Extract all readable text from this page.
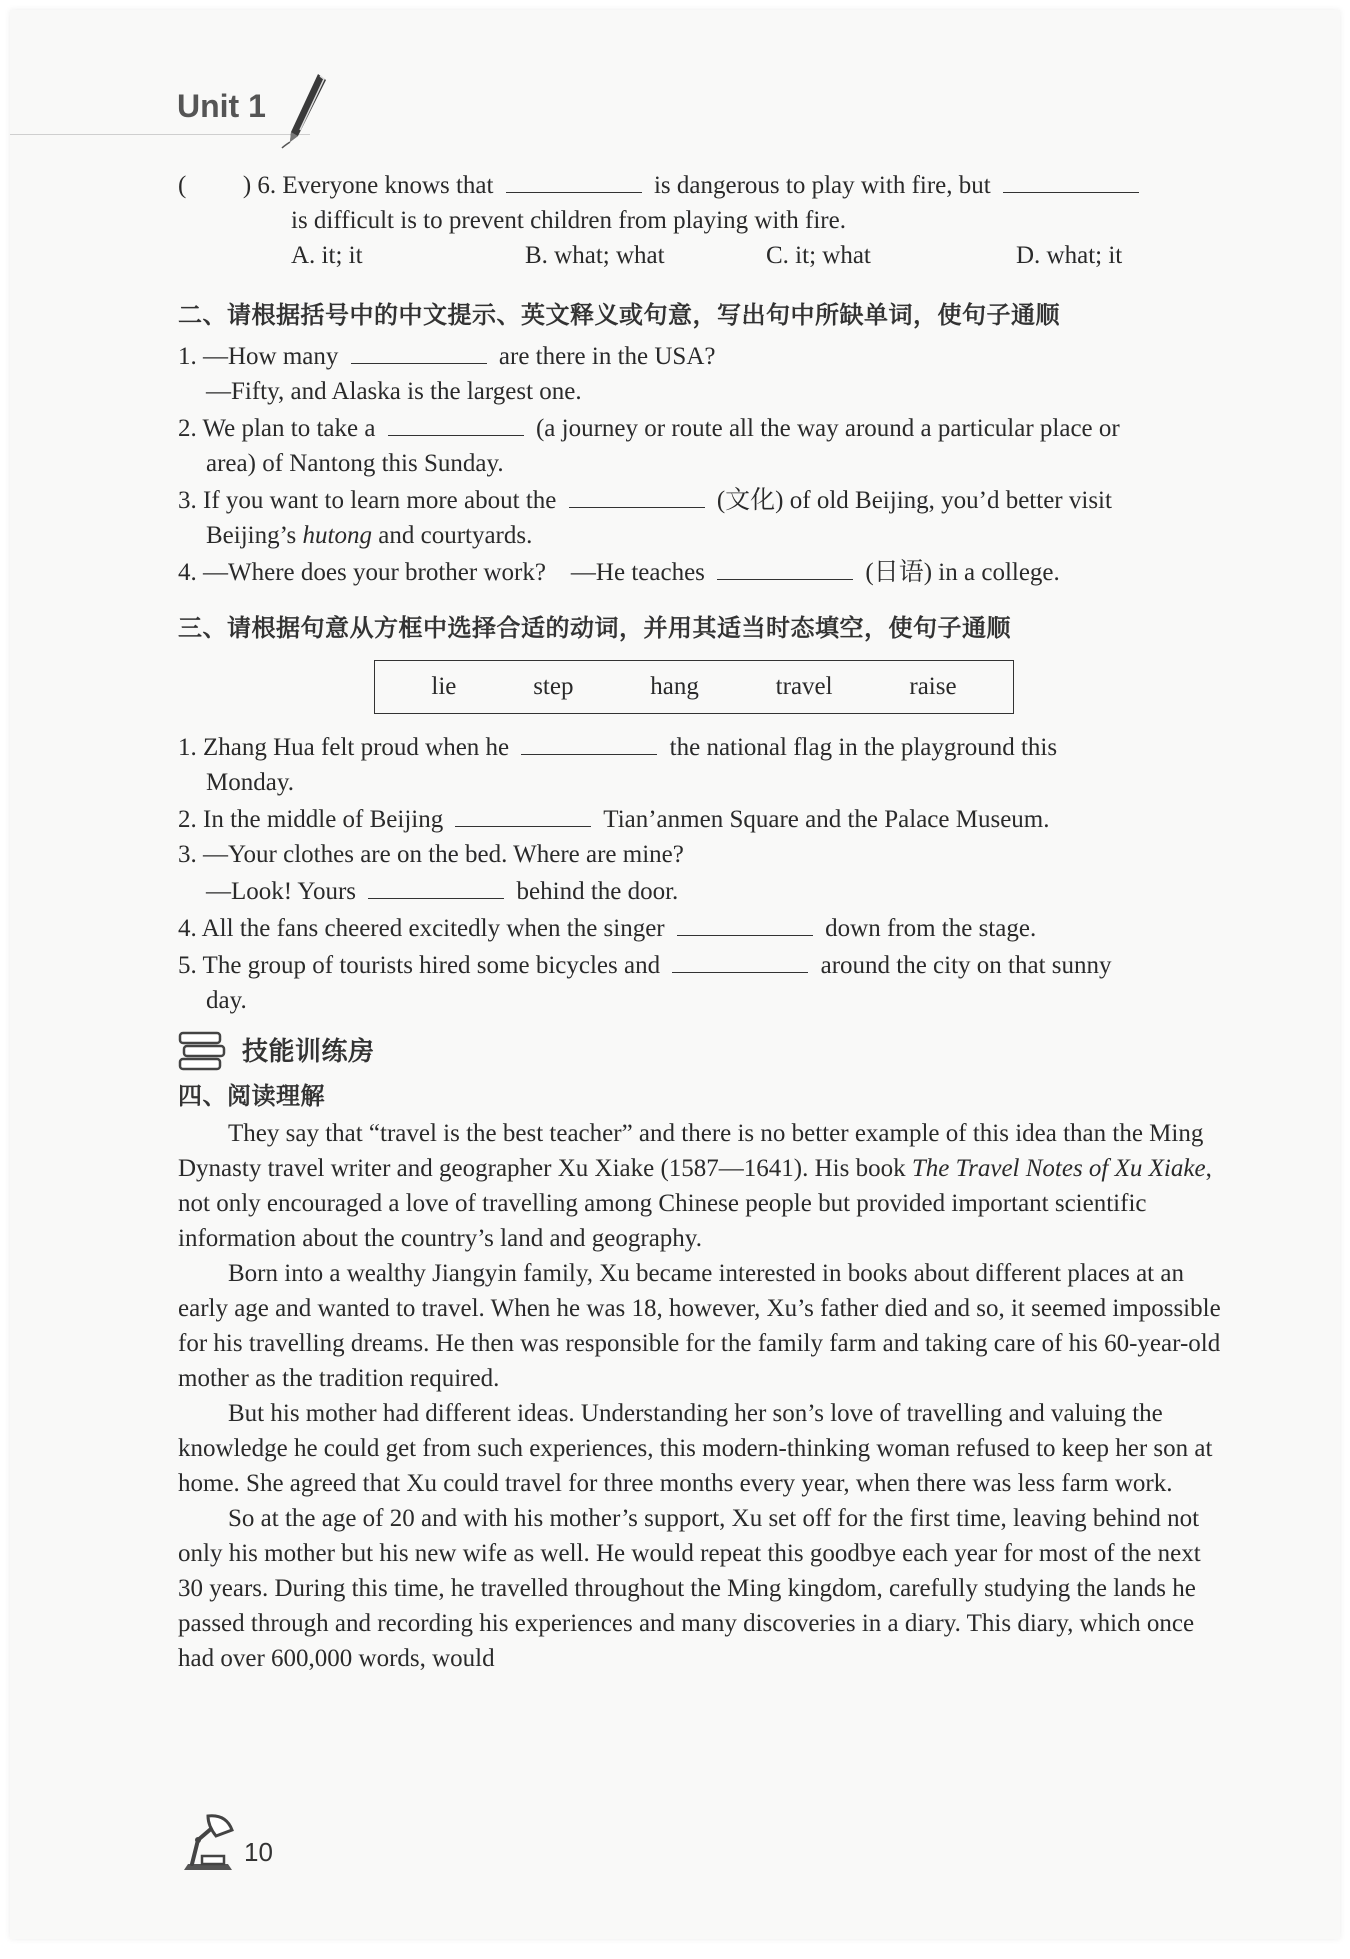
Unit 1
( ) 6. Everyone knows that	is dangerous to play with fire, but
is difficult is to prevent children from playing with fire.
A. it; it	B. what; what	C. it; what	D. what; it
二、请根据括号中的中文提示、英文释义或句意，写出句中所缺单词，使句子通顺
1. —How many	are there in the USA?
—Fifty, and Alaska is the largest one.
2. We plan to take a	(a journey or route all the way around a particular place or
area) of Nantong this Sunday.
3. If you want to learn more about the	(文化) of old Beijing, you’d better visit
Beijing’s hutong and courtyards.
4. —Where does your brother work?    —He teaches	(日语) in a college.
三、请根据句意从方框中选择合适的动词，并用其适当时态填空，使句子通顺
lie	step	hang	travel	raise
1. Zhang Hua felt proud when he	the national flag in the playground this
Monday.
2. In the middle of Beijing	Tian’anmen Square and the Palace Museum.
3. —Your clothes are on the bed. Where are mine?
—Look! Yours	behind the door.
4. All the fans cheered excitedly when the singer	down from the stage.
5. The group of tourists hired some bicycles and	around the city on that sunny
day.
技能训练房
四、阅读理解
They say that “travel is the best teacher” and there is no better example of this idea than the Ming Dynasty travel writer and geographer Xu Xiake (1587—1641). His book The Travel Notes of Xu Xiake, not only encouraged a love of travelling among Chinese people but provided important scientific information about the country’s land and geography.
Born into a wealthy Jiangyin family, Xu became interested in books about different places at an early age and wanted to travel. When he was 18, however, Xu’s father died and so, it seemed impossible for his travelling dreams. He then was responsible for the family farm and taking care of his 60-year-old mother as the tradition required.
But his mother had different ideas. Understanding her son’s love of travelling and valuing the knowledge he could get from such experiences, this modern-thinking woman refused to keep her son at home. She agreed that Xu could travel for three months every year, when there was less farm work.
So at the age of 20 and with his mother’s support, Xu set off for the first time, leaving behind not only his mother but his new wife as well. He would repeat this goodbye each year for most of the next 30 years. During this time, he travelled throughout the Ming kingdom, carefully studying the lands he passed through and recording his experiences and many discoveries in a diary. This diary, which once had over 600,000 words, would
10
